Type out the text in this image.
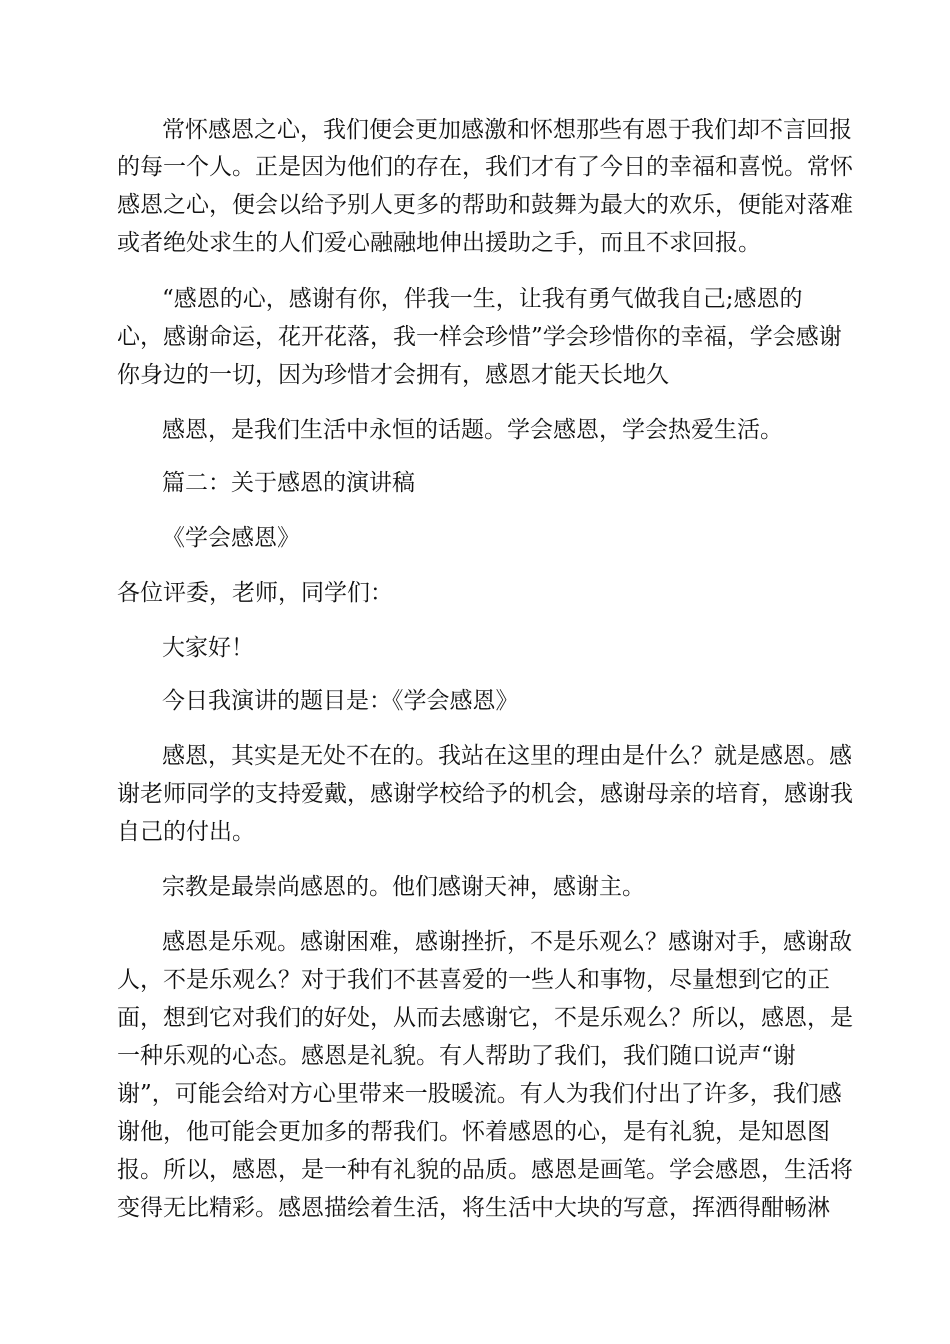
常怀感恩之心，我们便会更加感激和怀想那些有恩于我们却不言回报
的每一个人。正是因为他们的存在，我们才有了今日的幸福和喜悦。常怀
感恩之心，便会以给予别人更多的帮助和鼓舞为最大的欢乐，便能对落难
或者绝处求生的人们爱心融融地伸出援助之手，而且不求回报。
“感恩的心，感谢有你，伴我一生，让我有勇气做我自己;感恩的
心，感谢命运，花开花落，我一样会珍惜”学会珍惜你的幸福，学会感谢
你身边的一切，因为珍惜才会拥有，感恩才能天长地久
感恩，是我们生活中永恒的话题。学会感恩，学会热爱生活。
篇二：关于感恩的演讲稿
《学会感恩》
各位评委，老师，同学们：
大家好！
今日我演讲的题目是：《学会感恩》
感恩，其实是无处不在的。我站在这里的理由是什么？就是感恩。感
谢老师同学的支持爱戴，感谢学校给予的机会，感谢母亲的培育，感谢我
自己的付出。
宗教是最崇尚感恩的。他们感谢天神，感谢主。
感恩是乐观。感谢困难，感谢挫折，不是乐观么？感谢对手，感谢敌
人，不是乐观么？对于我们不甚喜爱的一些人和事物，尽量想到它的正
面，想到它对我们的好处，从而去感谢它，不是乐观么？所以，感恩，是
一种乐观的心态。感恩是礼貌。有人帮助了我们，我们随口说声“谢
谢”，可能会给对方心里带来一股暖流。有人为我们付出了许多，我们感
谢他，他可能会更加多的帮我们。怀着感恩的心，是有礼貌，是知恩图
报。所以，感恩，是一种有礼貌的品质。感恩是画笔。学会感恩，生活将
变得无比精彩。感恩描绘着生活，将生活中大块的写意，挥洒得酣畅淋
